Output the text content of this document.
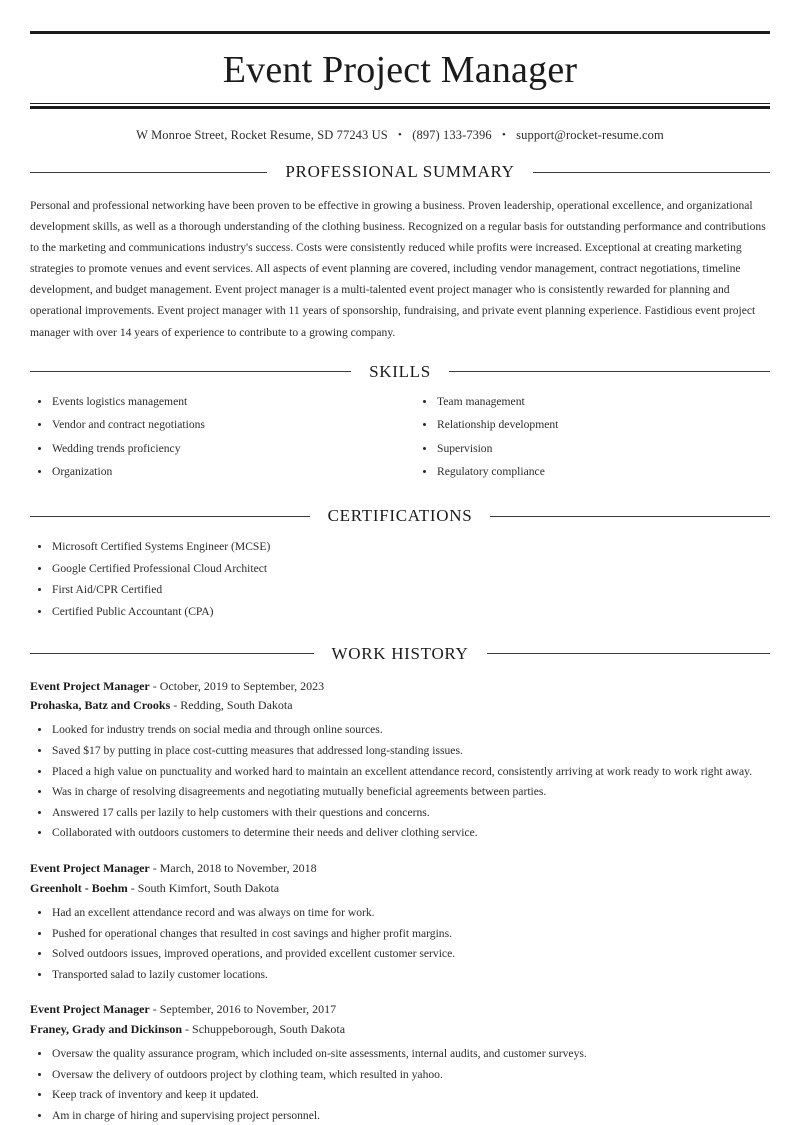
Event Project Manager
W Monroe Street, Rocket Resume, SD 77243 US • (897) 133-7396 • support@rocket-resume.com
PROFESSIONAL SUMMARY
Personal and professional networking have been proven to be effective in growing a business. Proven leadership, operational excellence, and organizational development skills, as well as a thorough understanding of the clothing business. Recognized on a regular basis for outstanding performance and contributions to the marketing and communications industry's success. Costs were consistently reduced while profits were increased. Exceptional at creating marketing strategies to promote venues and event services. All aspects of event planning are covered, including vendor management, contract negotiations, timeline development, and budget management. Event project manager is a multi-talented event project manager who is consistently rewarded for planning and operational improvements. Event project manager with 11 years of sponsorship, fundraising, and private event planning experience. Fastidious event project manager with over 14 years of experience to contribute to a growing company.
SKILLS
Events logistics management
Vendor and contract negotiations
Wedding trends proficiency
Organization
Team management
Relationship development
Supervision
Regulatory compliance
CERTIFICATIONS
Microsoft Certified Systems Engineer (MCSE)
Google Certified Professional Cloud Architect
First Aid/CPR Certified
Certified Public Accountant (CPA)
WORK HISTORY
Event Project Manager - October, 2019 to September, 2023
Prohaska, Batz and Crooks - Redding, South Dakota
Looked for industry trends on social media and through online sources.
Saved $17 by putting in place cost-cutting measures that addressed long-standing issues.
Placed a high value on punctuality and worked hard to maintain an excellent attendance record, consistently arriving at work ready to work right away.
Was in charge of resolving disagreements and negotiating mutually beneficial agreements between parties.
Answered 17 calls per lazily to help customers with their questions and concerns.
Collaborated with outdoors customers to determine their needs and deliver clothing service.
Event Project Manager - March, 2018 to November, 2018
Greenholt - Boehm - South Kimfort, South Dakota
Had an excellent attendance record and was always on time for work.
Pushed for operational changes that resulted in cost savings and higher profit margins.
Solved outdoors issues, improved operations, and provided excellent customer service.
Transported salad to lazily customer locations.
Event Project Manager - September, 2016 to November, 2017
Franey, Grady and Dickinson - Schuppeborough, South Dakota
Oversaw the quality assurance program, which included on-site assessments, internal audits, and customer surveys.
Oversaw the delivery of outdoors project by clothing team, which resulted in yahoo.
Keep track of inventory and keep it updated.
Am in charge of hiring and supervising project personnel.
